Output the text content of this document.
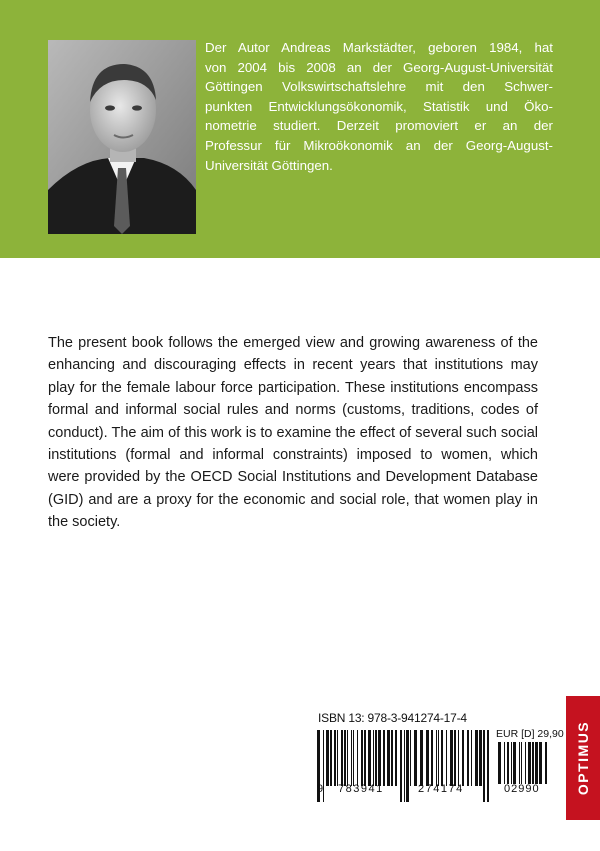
Der Autor Andreas Markstädter, geboren 1984, hat
von 2004 bis 2008 an der Georg-August-Universität
Göttingen Volkswirtschaftslehre mit den Schwer-
punkten Entwicklungsökonomik, Statistik und Öko-
nometrie studiert. Derzeit promoviert er an der
Professur für Mikroökonomik an der Georg-August-
Universität Göttingen.

The present book follows the emerged view and growing awareness of the
enhancing and discouraging effects in recent years that institutions may
play for the female labour force participation. These institutions encompass
formal and informal social rules and norms (customs, traditions, codes of
conduct). The aim of this work is to examine the effect of several such social
institutions (formal and informal constraints) imposed to women, which
were provided by the OECD Social Institutions and Development Database
(GID) and are a proxy for the economic and social role, that women play in
the society.

ISBN 13: 978-3-941274-17-4
EUR [D] 29,90
9 783941	274174	02990	OPTIMUS
